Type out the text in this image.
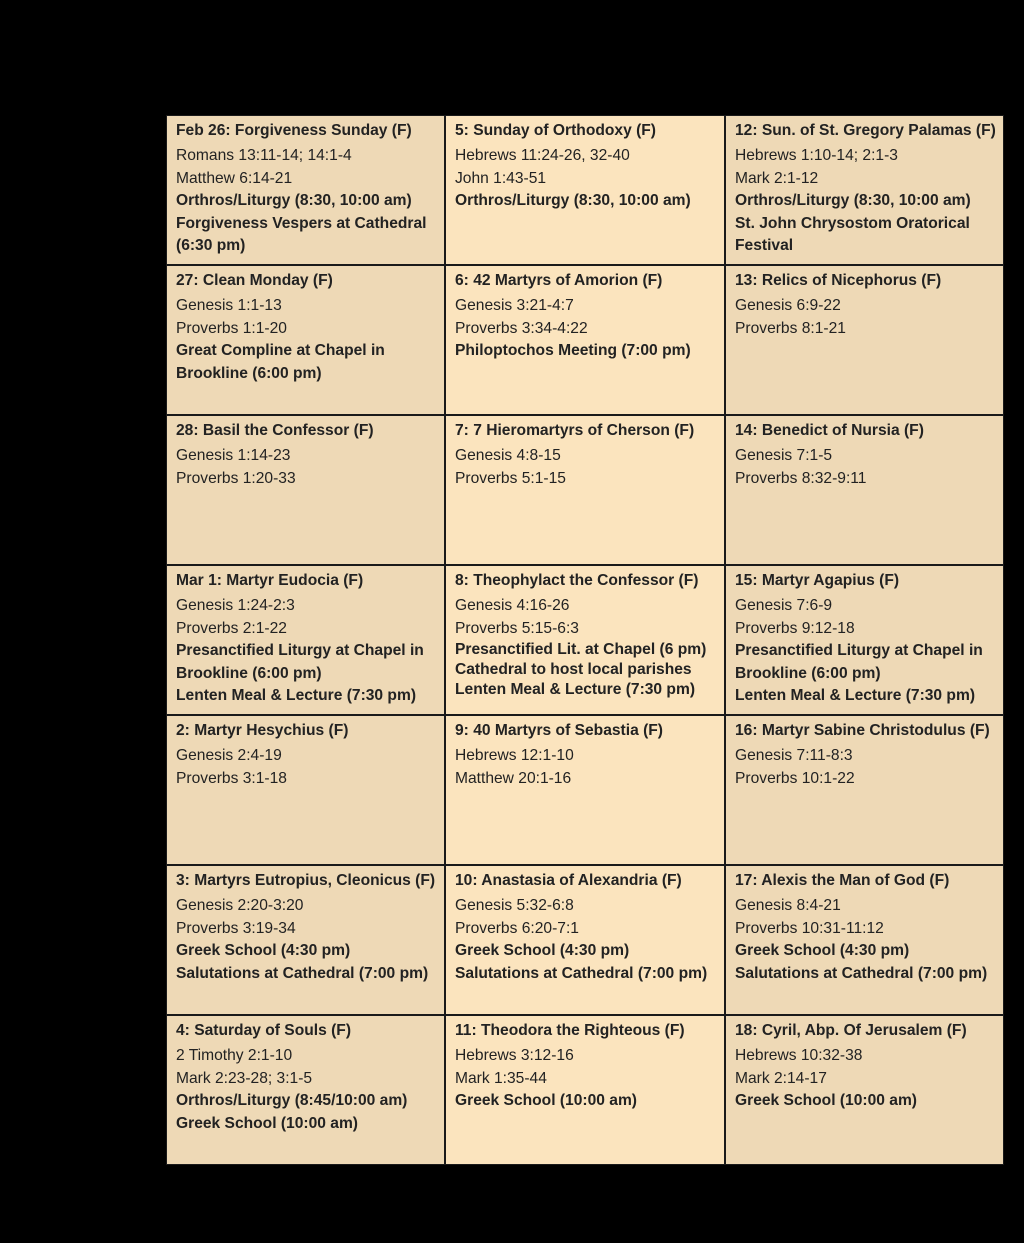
Feb 26: Forgiveness Sunday (F)
Romans 13:11-14; 14:1-4
Matthew 6:14-21
Orthros/Liturgy (8:30, 10:00 am)
Forgiveness Vespers at Cathedral (6:30 pm)
5: Sunday of Orthodoxy (F)
Hebrews 11:24-26, 32-40
John 1:43-51
Orthros/Liturgy (8:30, 10:00 am)
12: Sun. of St. Gregory Palamas (F)
Hebrews 1:10-14; 2:1-3
Mark 2:1-12
Orthros/Liturgy (8:30, 10:00 am)
St. John Chrysostom Oratorical Festival
27: Clean Monday (F)
Genesis 1:1-13
Proverbs 1:1-20
Great Compline at Chapel in Brookline (6:00 pm)
6: 42 Martyrs of Amorion (F)
Genesis 3:21-4:7
Proverbs 3:34-4:22
Philoptochos Meeting (7:00 pm)
13: Relics of Nicephorus (F)
Genesis 6:9-22
Proverbs 8:1-21
28: Basil the Confessor (F)
Genesis 1:14-23
Proverbs 1:20-33
7: 7 Hieromartyrs of Cherson (F)
Genesis 4:8-15
Proverbs 5:1-15
14: Benedict of Nursia (F)
Genesis 7:1-5
Proverbs 8:32-9:11
Mar 1: Martyr Eudocia (F)
Genesis 1:24-2:3
Proverbs 2:1-22
Presanctified Liturgy at Chapel in Brookline (6:00 pm)
Lenten Meal & Lecture (7:30 pm)
8: Theophylact the Confessor (F)
Genesis 4:16-26
Proverbs 5:15-6:3
Presanctified Lit. at Chapel (6 pm)
Cathedral to host local parishes
Lenten Meal & Lecture (7:30 pm)
15: Martyr Agapius (F)
Genesis 7:6-9
Proverbs 9:12-18
Presanctified Liturgy at Chapel in Brookline (6:00 pm)
Lenten Meal & Lecture (7:30 pm)
2: Martyr Hesychius (F)
Genesis 2:4-19
Proverbs 3:1-18
9: 40 Martyrs of Sebastia (F)
Hebrews 12:1-10
Matthew 20:1-16
16: Martyr Sabine Christodulus (F)
Genesis 7:11-8:3
Proverbs 10:1-22
3: Martyrs Eutropius, Cleonicus (F)
Genesis 2:20-3:20
Proverbs 3:19-34
Greek School (4:30 pm)
Salutations at Cathedral (7:00 pm)
10: Anastasia of Alexandria (F)
Genesis 5:32-6:8
Proverbs 6:20-7:1
Greek School (4:30 pm)
Salutations at Cathedral (7:00 pm)
17: Alexis the Man of God (F)
Genesis 8:4-21
Proverbs 10:31-11:12
Greek School (4:30 pm)
Salutations at Cathedral (7:00 pm)
4: Saturday of Souls (F)
2 Timothy 2:1-10
Mark 2:23-28; 3:1-5
Orthros/Liturgy (8:45/10:00 am)
Greek School (10:00 am)
11: Theodora the Righteous (F)
Hebrews 3:12-16
Mark 1:35-44
Greek School (10:00 am)
18: Cyril, Abp. Of Jerusalem (F)
Hebrews 10:32-38
Mark 2:14-17
Greek School (10:00 am)
